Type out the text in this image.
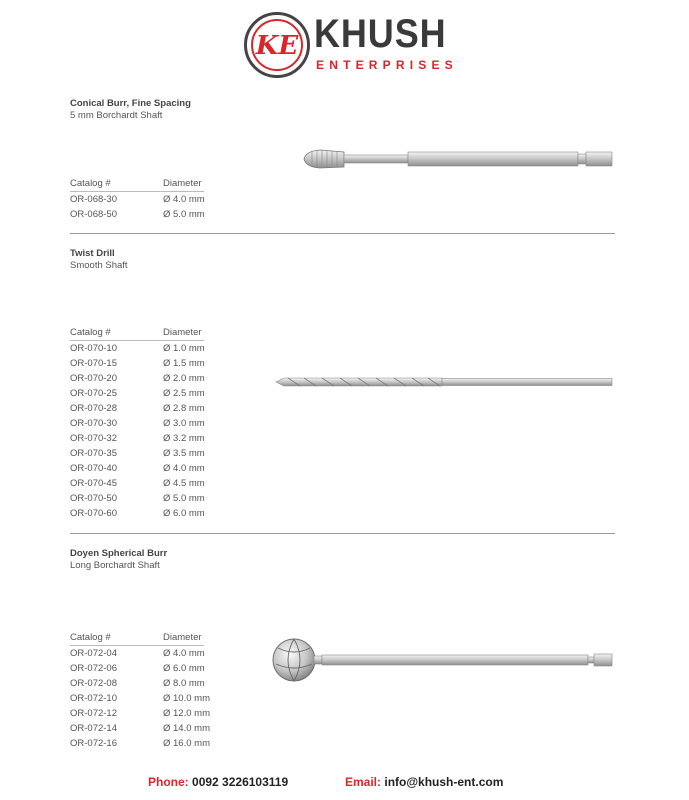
KE KHUSH
ENTERPRISES
Conical Burr, Fine Spacing
5 mm Borchardt Shaft
Catalog #	Diameter
OR-068-30	Ø 4.0 mm
OR-068-50	Ø 5.0 mm
Twist Drill
Smooth Shaft
Catalog #	Diameter
OR-070-10	Ø 1.0 mm
OR-070-15	Ø 1.5 mm
OR-070-20	Ø 2.0 mm
OR-070-25	Ø 2.5 mm
OR-070-28	Ø 2.8 mm
OR-070-30	Ø 3.0 mm
OR-070-32	Ø 3.2 mm
OR-070-35	Ø 3.5 mm
OR-070-40	Ø 4.0 mm
OR-070-45	Ø 4.5 mm
OR-070-50	Ø 5.0 mm
OR-070-60	Ø 6.0 mm
Doyen Spherical Burr
Long Borchardt Shaft
Catalog #	Diameter
OR-072-04	Ø 4.0 mm
OR-072-06	Ø 6.0 mm
OR-072-08	Ø 8.0 mm
OR-072-10	Ø 10.0 mm
OR-072-12	Ø 12.0 mm
OR-072-14	Ø 14.0 mm
OR-072-16	Ø 16.0 mm
Phone: 0092 3226103119	Email: info@khush-ent.com
